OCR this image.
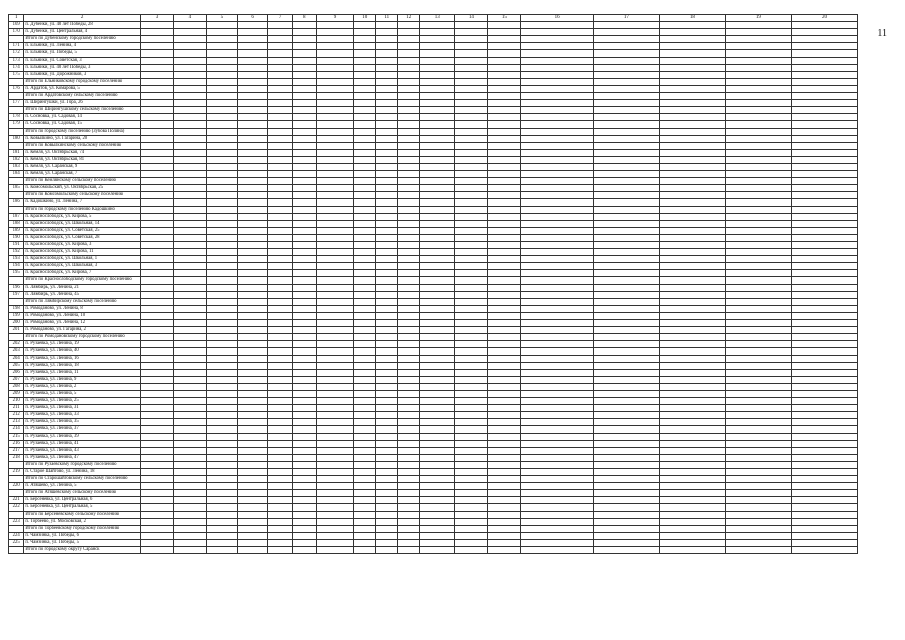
11
1	2	3	4	5	6	7	8	9	10	11	12	13	14	15	16	17	18	19	20
169	п. Дубенки, ул. 40 лет Победы, 28																		
170	п. Дубенки, ул. Центральная, 4																		
	Итого по Дубенскому городскому поселению																		
171	п. Ельники, ул. Ленина, 4																		
172	п. Ельники, ул. Победы, 5																		
173	п. Ельники, ул. Советская, 3																		
174	п. Ельники, ул. 40 лет Победы, 3																		
175	п. Ельники, ул. Дорожников, 3																		
	Итого по Ельниковскому городскому поселению																		
176	п. Ардатов, ул. Комарова, 5																		
	Итого по Ардатовскому сельскому поселению																		
177	п. Ширингушки, ул. Гора, 26																		
	Итого по Ширингушскому сельскому поселению																		
178	п. Сосновка, ул. Садовая, 14																		
179	п. Сосновка, ул. Садовая, 15																		
	Итого по городскому поселению (Зубова Поляна)																		
180	п. Ковылкино, ул. Гагарина, 20																		
	Итого по Ковылкинскому сельскому поселению																		
181	п. Кемля, ул. Октябрьская, 74																		
182	п. Кемля, ул. Октябрьская, 81																		
183	п. Кемля, ул. Саранская, 9																		
184	п. Кемля, ул. Саранская, 7																		
	Итого по Кемлянскому сельскому поселению																		
185	п. Комсомольский, ул. Октябрьская, 25																		
	Итого по Комсомольскому сельскому поселению																		
186	п. Кадошкино, ул. Ленина, 7																		
	Итого по городскому поселению Кадошкино																		
187	п. Краснослободск, ул. Кирова, 5																		
188	п. Краснослободск, ул. Школьная, 14																		
189	п. Краснослободск, ул. Советская, 25																		
190	п. Краснослободск, ул. Советская, 28																		
191	п. Краснослободск, ул. Кирова, 3																		
192	п. Краснослободск, ул. Кирова, 11																		
193	п. Краснослободск, ул. Школьная, 1																		
194	п. Краснослободск, ул. Школьная, 3																		
195	п. Краснослободск, ул. Кирова, 7																		
	Итого по Краснослободскому городскому поселению																		
196	п. Лямбирь, ул. Ленина, 21																		
197	п. Лямбирь, ул. Ленина, 45																		
	Итого по Лямбирскому сельскому поселению																		
198	п. Ромоданово, ул. Ленина, 8																		
199	п. Ромоданово, ул. Ленина, 10																		
200	п. Ромоданово, ул. Ленина, 12																		
201	п. Ромоданово, ул. Гагарина, 2																		
	Итого по Ромодановскому городскому поселению																		
202	п. Рузаевка, ул. Ленина, 19																		
203	п. Рузаевка, ул. Ленина, 40																		
204	п. Рузаевка, ул. Ленина, 16																		
205	п. Рузаевка, ул. Ленина, 18																		
206	п. Рузаевка, ул. Ленина, 11																		
207	п. Рузаевка, ул. Ленина, 9																		
208	п. Рузаевка, ул. Ленина, 2																		
209	п. Рузаевка, ул. Ленина, 5																		
210	п. Рузаевка, ул. Ленина, 25																		
211	п. Рузаевка, ул. Ленина, 31																		
212	п. Рузаевка, ул. Ленина, 33																		
213	п. Рузаевка, ул. Ленина, 35																		
214	п. Рузаевка, ул. Ленина, 37																		
215	п. Рузаевка, ул. Ленина, 39																		
216	п. Рузаевка, ул. Ленина, 41																		
217	п. Рузаевка, ул. Ленина, 43																		
218	п. Рузаевка, ул. Ленина, 47																		
	Итого по Рузаевскому городскому поселению																		
219	п. Старое Шайгово, ул. Ленина, 18																		
	Итого по Старошайговскому сельскому поселению																		
220	п. Атяшево, ул. Ленина, 5																		
	Итого по Атяшевскому сельскому поселению																		
221	п. Берсеневка, ул. Центральная, 6																		
222	п. Берсеневка, ул. Центральная, 5																		
	Итого по Берсеневскому сельскому поселению																		
223	п. Торбеево, ул. Московская, 2																		
	Итого по Торбеевскому городскому поселению																		
224	п. Чамзинка, ул. Победы, 6																		
225	п. Чамзинка, ул. Победы, 5																		
	Итого по городскому округу Саранск																		
